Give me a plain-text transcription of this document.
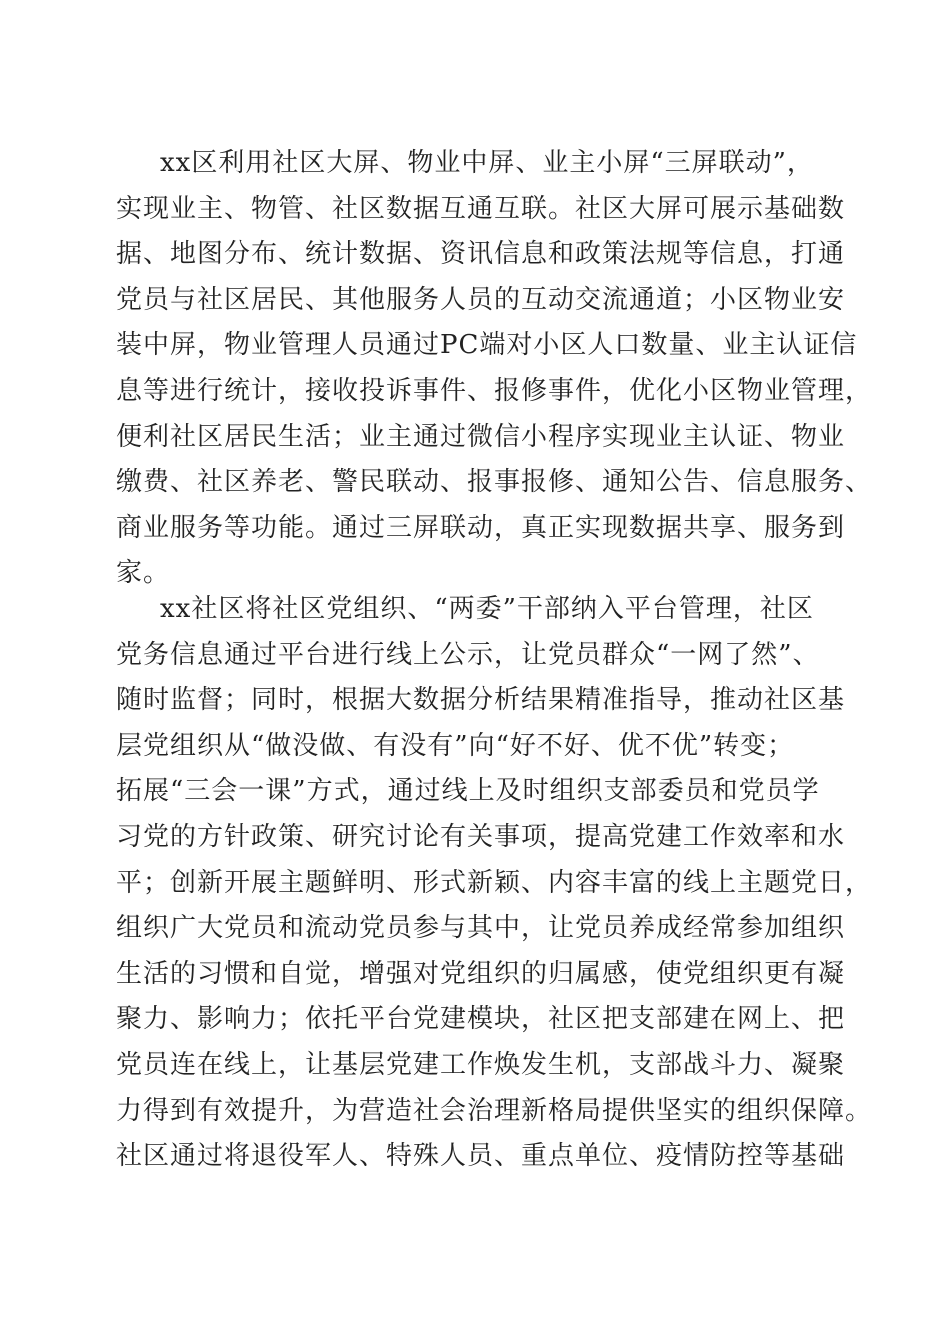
xx区利用社区大屏、物业中屏、业主小屏“三屏联动”，
实现业主、物管、社区数据互通互联。社区大屏可展示基础数
据、地图分布、统计数据、资讯信息和政策法规等信息，打通
党员与社区居民、其他服务人员的互动交流通道；小区物业安
装中屏，物业管理人员通过PC端对小区人口数量、业主认证信
息等进行统计，接收投诉事件、报修事件，优化小区物业管理，
便利社区居民生活；业主通过微信小程序实现业主认证、物业
缴费、社区养老、警民联动、报事报修、通知公告、信息服务、
商业服务等功能。通过三屏联动，真正实现数据共享、服务到
家。
xx社区将社区党组织、“两委”干部纳入平台管理，社区
党务信息通过平台进行线上公示，让党员群众“一网了然”、
随时监督；同时，根据大数据分析结果精准指导，推动社区基
层党组织从“做没做、有没有”向“好不好、优不优”转变；
拓展“三会一课”方式，通过线上及时组织支部委员和党员学
习党的方针政策、研究讨论有关事项，提高党建工作效率和水
平；创新开展主题鲜明、形式新颖、内容丰富的线上主题党日，
组织广大党员和流动党员参与其中，让党员养成经常参加组织
生活的习惯和自觉，增强对党组织的归属感，使党组织更有凝
聚力、影响力；依托平台党建模块，社区把支部建在网上、把
党员连在线上，让基层党建工作焕发生机，支部战斗力、凝聚
力得到有效提升，为营造社会治理新格局提供坚实的组织保障。
社区通过将退役军人、特殊人员、重点单位、疫情防控等基础
